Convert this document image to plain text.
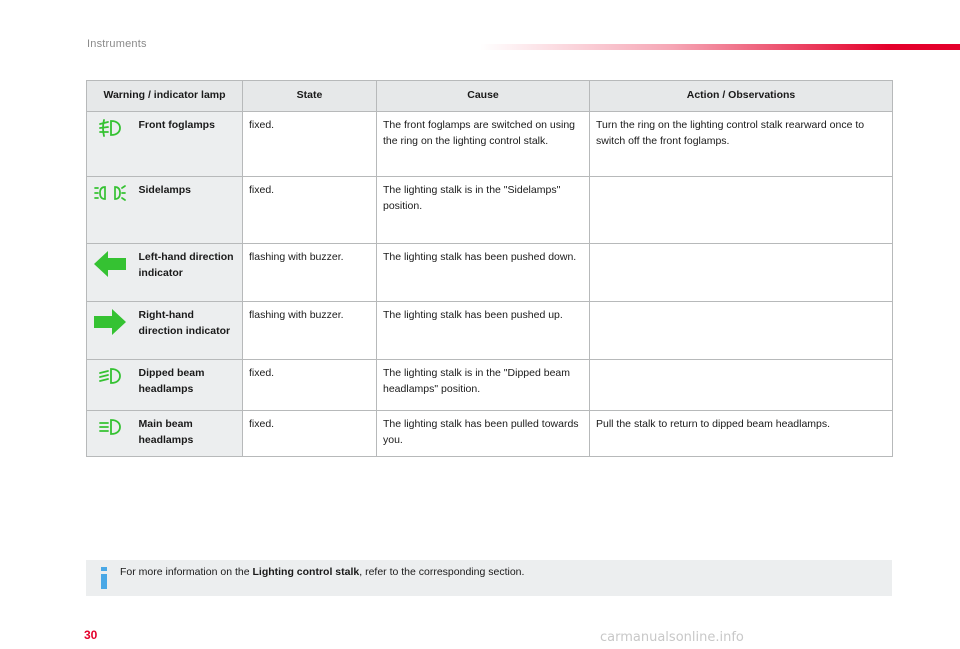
Instruments
Warning / indicator lamp		State	Cause	Action / Observations

	Front foglamps	fixed.	The front foglamps are switched on using the ring on the lighting control stalk.	Turn the ring on the lighting control stalk rearward once to switch off the front foglamps.

	Sidelamps	fixed.	The lighting stalk is in the "Sidelamps" position.	

	Left-hand direction indicator	flashing with buzzer.	The lighting stalk has been pushed down.	

	Right-hand direction indicator	flashing with buzzer.	The lighting stalk has been pushed up.	

	Dipped beam headlamps	fixed.	The lighting stalk is in the "Dipped beam headlamps" position.	

	Main beam headlamps	fixed.	The lighting stalk has been pulled towards you.	Pull the stalk to return to dipped beam headlamps.
For more information on the Lighting control stalk, refer to the corresponding section.
30	carmanualsonline.info
